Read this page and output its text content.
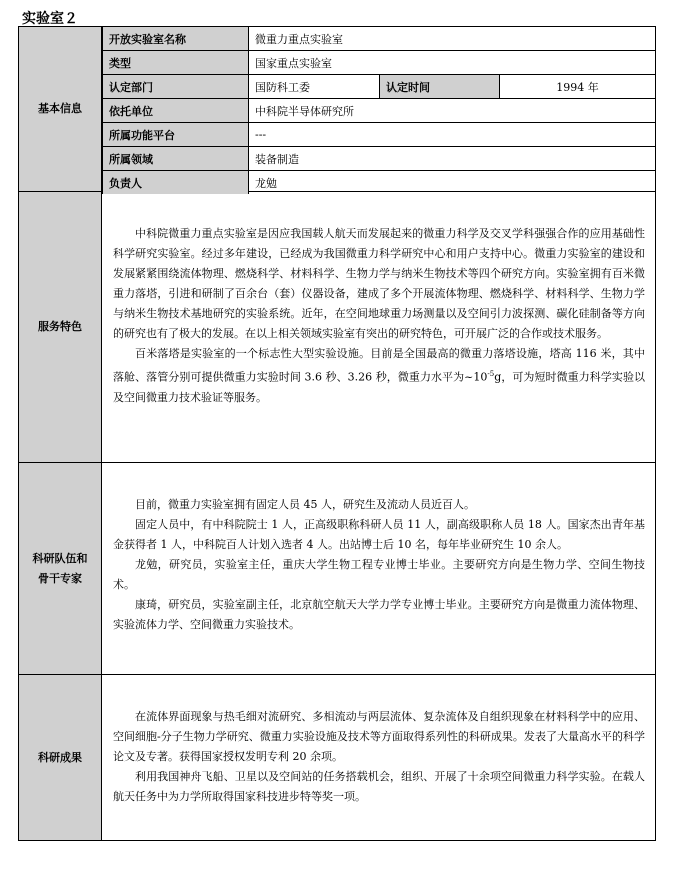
实验室２
基本信息
开放实验室名称	微重力重点实验室		
类型	国家重点实验室		
认定部门	国防科工委	认定时间	1994 年
依托单位	中科院半导体研究所		
所属功能平台	---		
所属领域	装备制造		
负责人	龙勉		
服务特色

中科院微重力重点实验室是因应我国载人航天而发展起来的微重力科学及交叉学科强强合作的应用基础性科学研究实验室。经过多年建设，已经成为我国微重力科学研究中心和用户支持中心。微重力实验室的建设和发展紧紧围绕流体物理、燃烧科学、材料科学、生物力学与纳米生物技术等四个研究方向。实验室拥有百米微重力落塔，引进和研制了百余台（套）仪器设备，建成了多个开展流体物理、燃烧科学、材料科学、生物力学与纳米生物技术基地研究的实验系统。近年，在空间地球重力场测量以及空间引力波探测、碳化硅制备等方向的研究也有了极大的发展。在以上相关领域实验室有突出的研究特色，可开展广泛的合作或技术服务。

百米落塔是实验室的一个标志性大型实验设施。目前是全国最高的微重力落塔设施，塔高 116 米，其中落舱、落管分别可提供微重力实验时间 3.6 秒、3.26 秒，微重力水平为$\sim 10^{-5}g$，可为短时微重力科学实验以及空间微重力技术验证等服务。

科研队伍和骨干专家

目前，微重力实验室拥有固定人员 45 人，研究生及流动人员近百人。

固定人员中，有中科院院士 1 人，正高级职称科研人员 11 人，副高级职称人员 18 人。国家杰出青年基金获得者 1 人，中科院百人计划入选者 4 人。出站博士后 10 名，每年毕业研究生 10 余人。

龙勉，研究员，实验室主任，重庆大学生物工程专业博士毕业。主要研究方向是生物力学、空间生物技术。

康琦，研究员，实验室副主任，北京航空航天大学力学专业博士毕业。主要研究方向是微重力流体物理、实验流体力学、空间微重力实验技术。

科研成果

在流体界面现象与热毛细对流研究、多相流动与两层流体、复杂流体及自组织现象在材料科学中的应用、空间细胞-分子生物力学研究、微重力实验设施及技术等方面取得系列性的科研成果。发表了大量高水平的科学论文及专著。获得国家授权发明专利 20 余项。

利用我国神舟飞船、卫星以及空间站的任务搭载机会，组织、开展了十余项空间微重力科学实验。在载人航天任务中为力学所取得国家科技进步特等奖一项。
